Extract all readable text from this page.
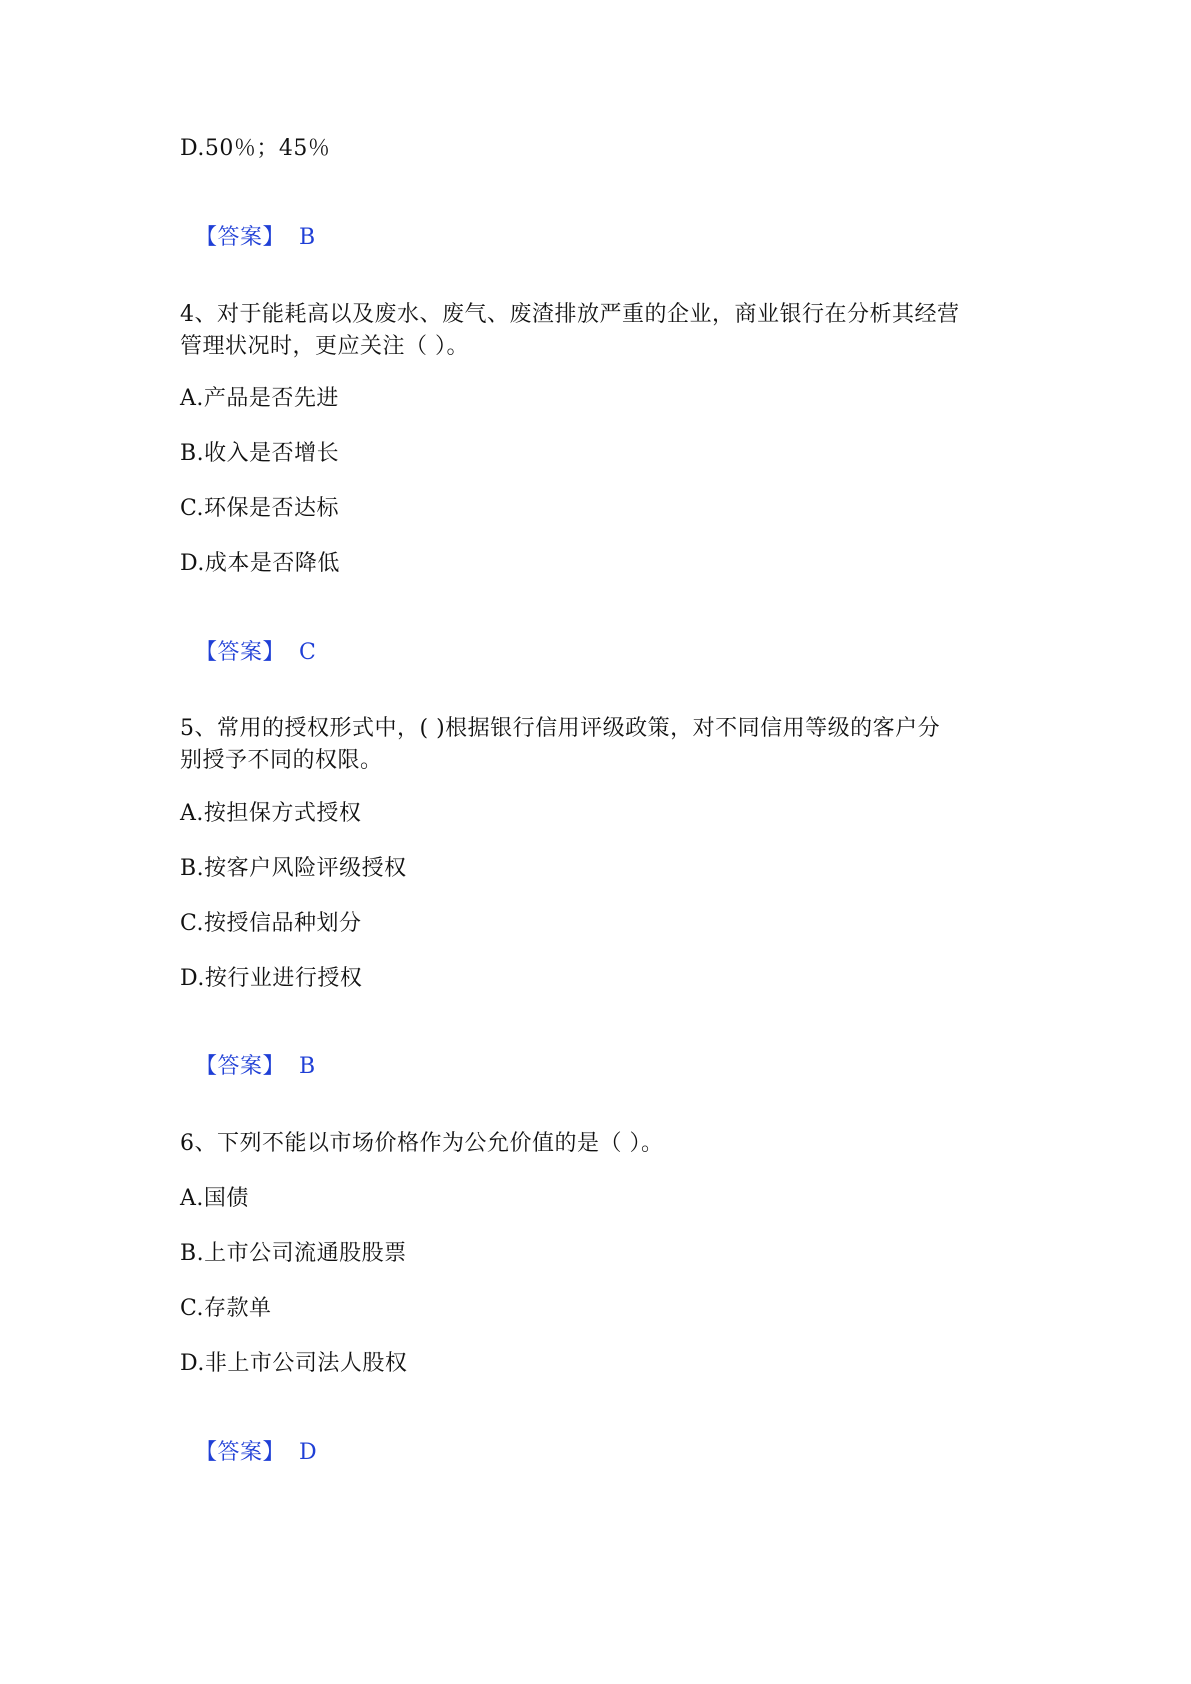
D.50％；45％

【答案】 B

4、对于能耗高以及废水、废气、废渣排放严重的企业，商业银行在分析其经营
管理状况时，更应关注（ ）。
A.产品是否先进
B.收入是否增长
C.环保是否达标
D.成本是否降低

【答案】 C

5、常用的授权形式中，( )根据银行信用评级政策，对不同信用等级的客户分
别授予不同的权限。
A.按担保方式授权
B.按客户风险评级授权
C.按授信品种划分
D.按行业进行授权

【答案】 B

6、下列不能以市场价格作为公允价值的是（ ）。
A.国债
B.上市公司流通股股票
C.存款单
D.非上市公司法人股权

【答案】 D
